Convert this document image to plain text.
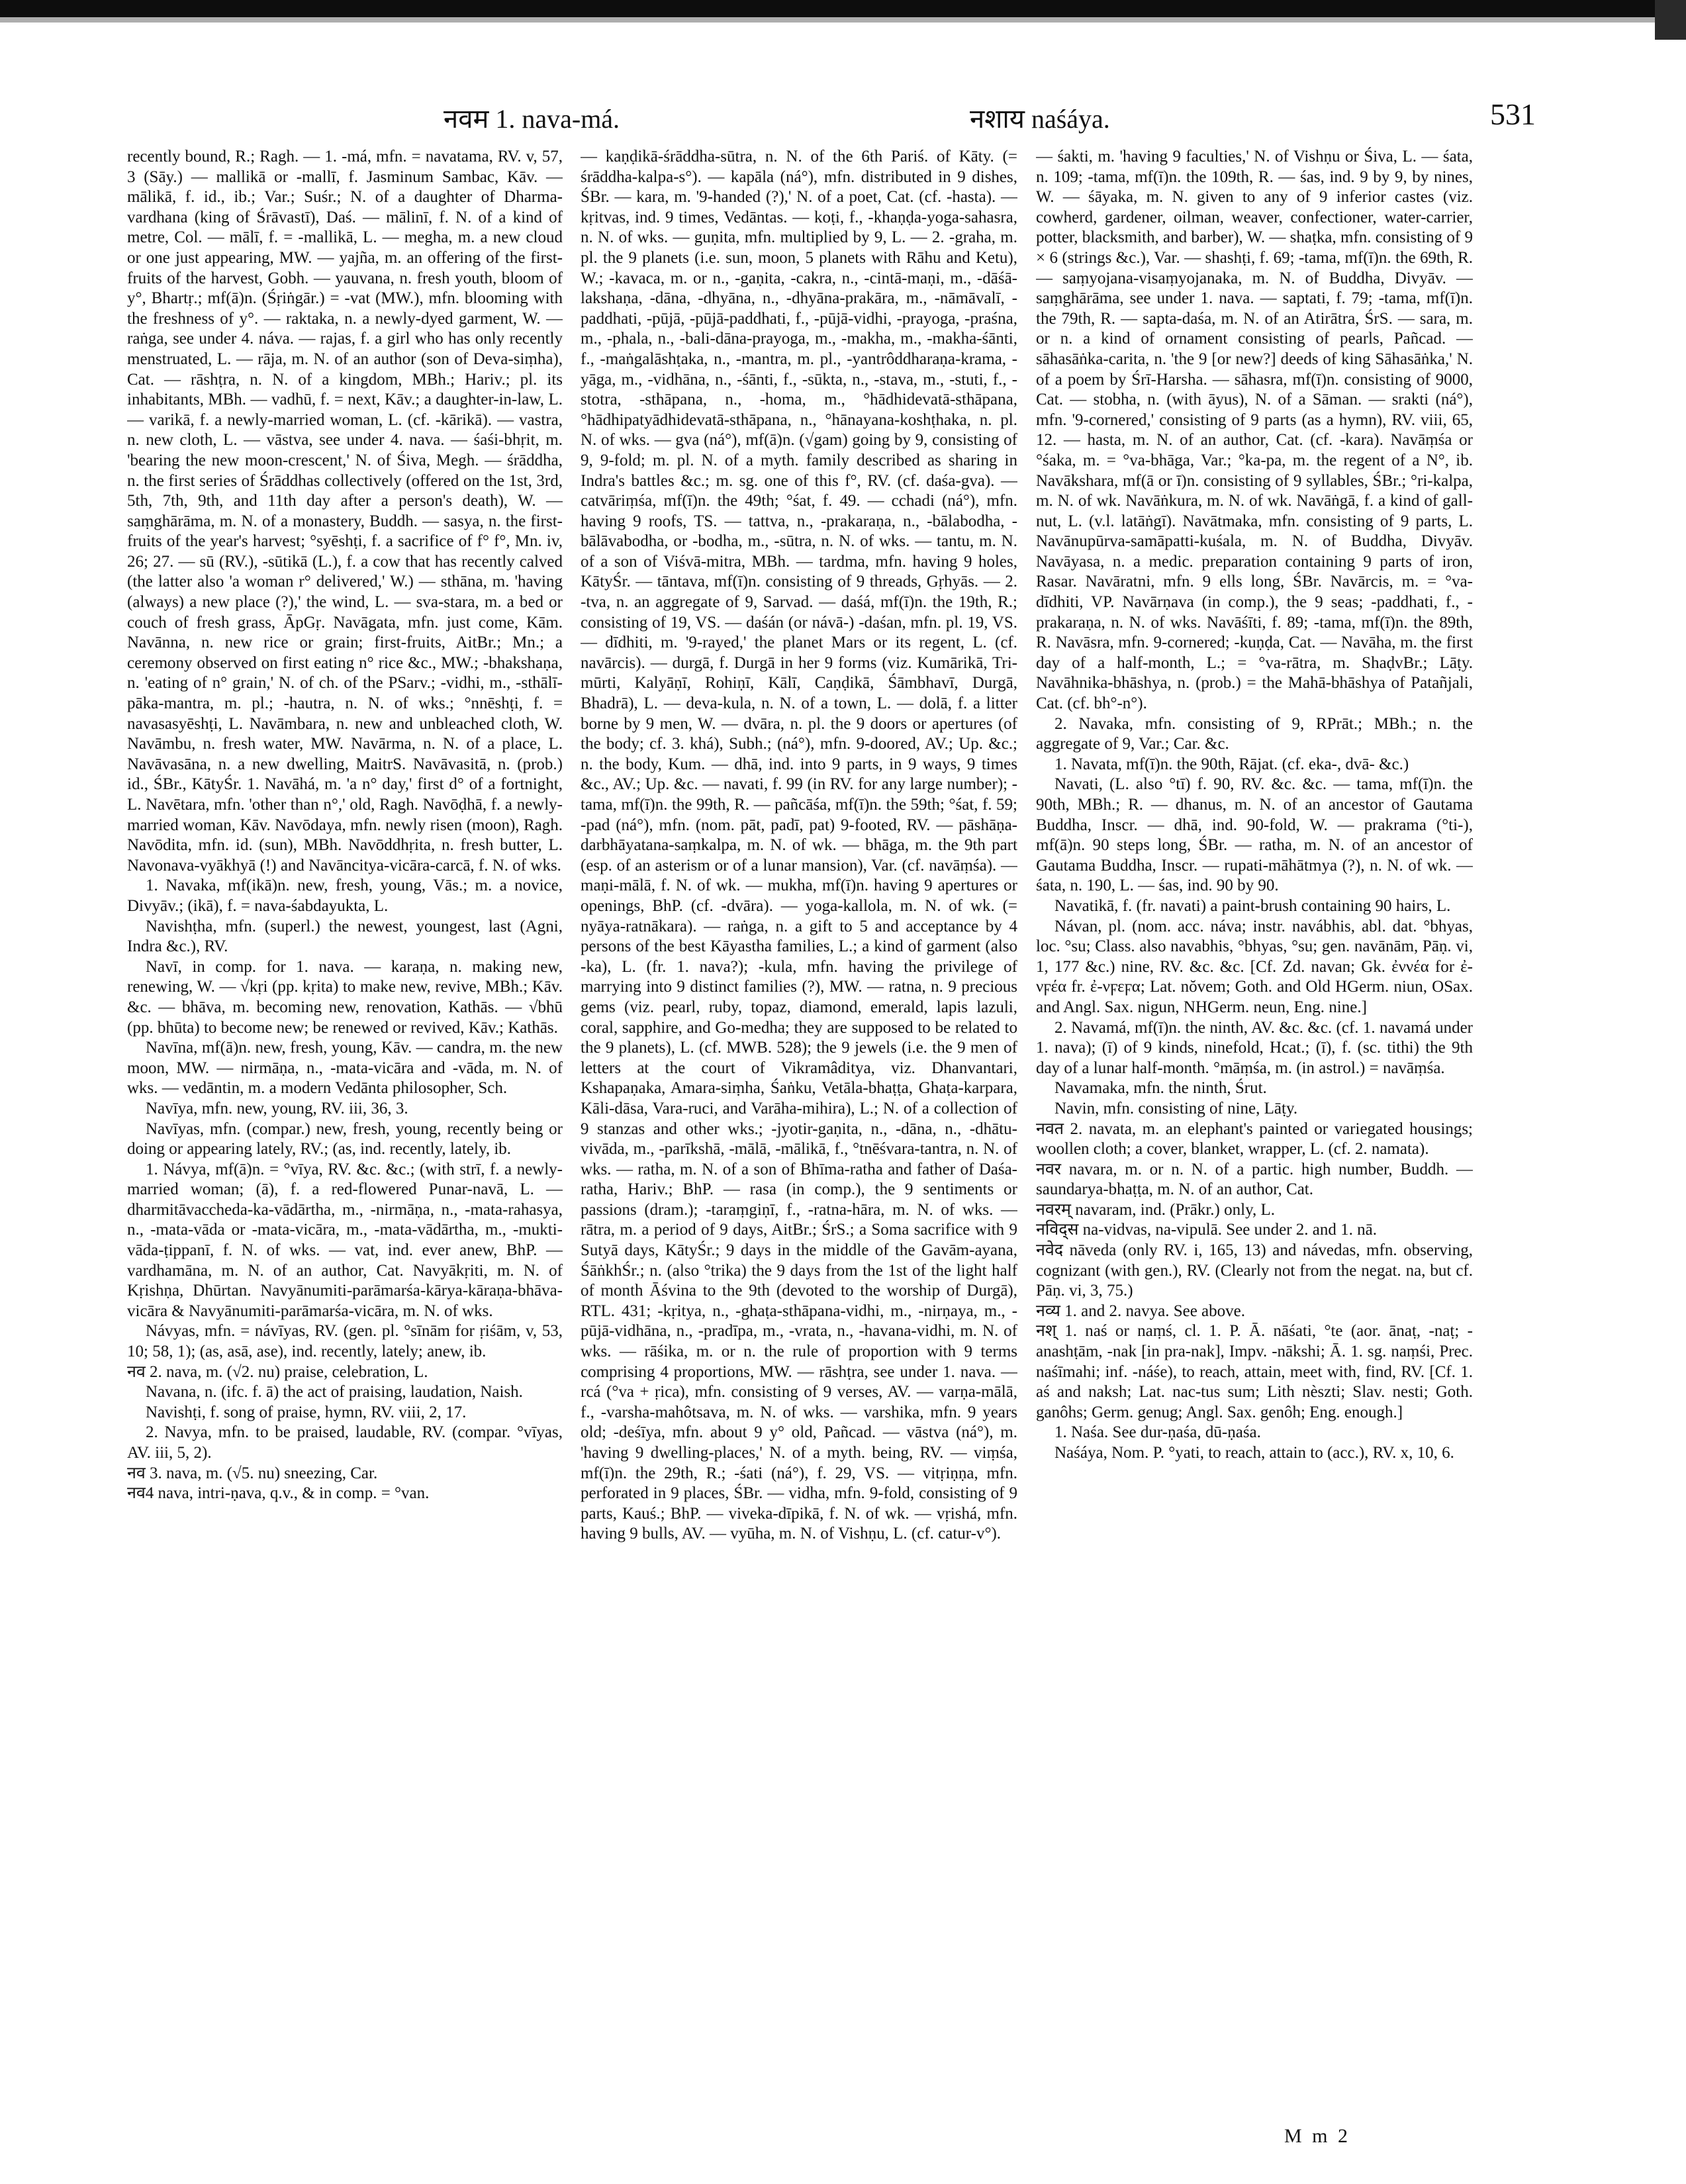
नवम 1. nava-má.	नशाय naśáya.	531

recently bound, R.; Ragh. — 1. -má, mfn. = navatama, RV. v, 57, 3 (Sāy.) — mallikā or -mallī, f. Jasminum Sambac, Kāv. — mālikā, f. id., ib.; Var.; Suśr.; N. of a daughter of Dharma-vardhana (king of Śrāvastī), Daś. — mālinī, f. N. of a kind of metre, Col. — mālī, f. = -mallikā, L. — megha, m. a new cloud or one just appearing, MW. — yajña, m. an offering of the first-fruits of the harvest, Gobh. — yauvana, n. fresh youth, bloom of y°, Bhartṛ.; mf(ā)n. (Śṛiṅgār.) = -vat (MW.), mfn. blooming with the freshness of y°. — raktaka, n. a newly-dyed garment, W. — raṅga, see under 4. náva. — rajas, f. a girl who has only recently menstruated, L. — rāja, m. N. of an author (son of Deva-siṃha), Cat. — rāshṭra, n. N. of a kingdom, MBh.; Hariv.; pl. its inhabitants, MBh. — vadhū, f. = next, Kāv.; a daughter-in-law, L. — varikā, f. a newly-married woman, L. (cf. -kārikā). — vastra, n. new cloth, L. — vāstva, see under 4. nava. — śaśi-bhṛit, m. 'bearing the new moon-crescent,' N. of Śiva, Megh. — śrāddha, n. the first series of Śrāddhas collectively (offered on the 1st, 3rd, 5th, 7th, 9th, and 11th day after a person's death), W. — saṃghārāma, m. N. of a monastery, Buddh. — sasya, n. the first-fruits of the year's harvest; °syēshṭi, f. a sacrifice of f° f°, Mn. iv, 26; 27. — sū (RV.), -sūtikā (L.), f. a cow that has recently calved (the latter also 'a woman r° delivered,' W.) — sthāna, m. 'having (always) a new place (?),' the wind, L. — sva-stara, m. a bed or couch of fresh grass, ĀpGṛ. Navāgata, mfn. just come, Kām. Navānna, n. new rice or grain; first-fruits, AitBr.; Mn.; a ceremony observed on first eating n° rice &c., MW.; -bhakshaṇa, n. 'eating of n° grain,' N. of ch. of the PSarv.; -vidhi, m., -sthālī-pāka-mantra, m. pl.; -hautra, n. N. of wks.; °nnēshṭi, f. = navasasyēshṭi, L. Navāmbara, n. new and unbleached cloth, W. Navāmbu, n. fresh water, MW. Navārma, n. N. of a place, L. Navāvasāna, n. a new dwelling, MaitrS. Navāvasitā, n. (prob.) id., ŚBr., KātyŚr. 1. Navāhá, m. 'a n° day,' first d° of a fortnight, L. Navētara, mfn. 'other than n°,' old, Ragh. Navōḍhā, f. a newly-married woman, Kāv. Navōdaya, mfn. newly risen (moon), Ragh. Navōdita, mfn. id. (sun), MBh. Navōddhṛita, n. fresh butter, L. Navonava-vyākhyā (!) and Navāncitya-vicāra-carcā, f. N. of wks.

1. Navaka, mf(ikā)n. new, fresh, young, Vās.; m. a novice, Divyāv.; (ikā), f. = nava-śabdayukta, L.

Navishṭha, mfn. (superl.) the newest, youngest, last (Agni, Indra &c.), RV.

Navī, in comp. for 1. nava. — karaṇa, n. making new, renewing, W. — √kṛi (pp. kṛita) to make new, revive, MBh.; Kāv. &c. — bhāva, m. becoming new, renovation, Kathās. — √bhū (pp. bhūta) to become new; be renewed or revived, Kāv.; Kathās.

Navīna, mf(ā)n. new, fresh, young, Kāv. — candra, m. the new moon, MW. — nirmāṇa, n., -mata-vicāra and -vāda, m. N. of wks. — vedāntin, m. a modern Vedānta philosopher, Sch.

Navīya, mfn. new, young, RV. iii, 36, 3.

Navīyas, mfn. (compar.) new, fresh, young, recently being or doing or appearing lately, RV.; (as, ind. recently, lately, ib.

1. Návya, mf(ā)n. = °vīya, RV. &c. &c.; (with strī, f. a newly-married woman; (ā), f. a red-flowered Punar-navā, L. — dharmitāvaccheda-ka-vādārtha, m., -nirmāṇa, n., -mata-rahasya, n., -mata-vāda or -mata-vicāra, m., -mata-vādārtha, m., -mukti-vāda-ṭippanī, f. N. of wks. — vat, ind. ever anew, BhP. — vardhamāna, m. N. of an author, Cat. Navyākṛiti, m. N. of Kṛishṇa, Dhūrtan. Navyānumiti-parāmarśa-kārya-kāraṇa-bhāva-vicāra & Navyānumiti-parāmarśa-vicāra, m. N. of wks.

Návyas, mfn. = návīyas, RV. (gen. pl. °sīnām for ṛiśām, v, 53, 10; 58, 1); (as, asā, ase), ind. recently, lately; anew, ib.

नव 2. nava, m. (√2. nu) praise, celebration, L.

Navana, n. (ifc. f. ā) the act of praising, laudation, Naish.

Navishṭi, f. song of praise, hymn, RV. viii, 2, 17.

2. Navya, mfn. to be praised, laudable, RV. (compar. °vīyas, AV. iii, 5, 2).

नव 3. nava, m. (√5. nu) sneezing, Car.

नव4 nava, intri-ṇava, q.v., & in comp. = °van.

— kaṇḍikā-śrāddha-sūtra, n. N. of the 6th Pariś. of Kāty. (= śrāddha-kalpa-s°). — kapāla (ná°), mfn. distributed in 9 dishes, ŚBr. — kara, m. '9-handed (?),' N. of a poet, Cat. (cf. -hasta). — kṛitvas, ind. 9 times, Vedāntas. — koṭi, f., -khaṇḍa-yoga-sahasra, n. N. of wks. — guṇita, mfn. multiplied by 9, L. — 2. -graha, m. pl. the 9 planets (i.e. sun, moon, 5 planets with Rāhu and Ketu), W.; -kavaca, m. or n., -gaṇita, -cakra, n., -cintā-maṇi, m., -dāśā-lakshaṇa, -dāna, -dhyāna, n., -dhyāna-prakāra, m., -nāmāvalī, -paddhati, -pūjā, -pūjā-paddhati, f., -pūjā-vidhi, -prayoga, -praśna, m., -phala, n., -bali-dāna-prayoga, m., -makha, m., -makha-śānti, f., -maṅgalāshṭaka, n., -mantra, m. pl., -yantrôddharaṇa-krama, -yāga, m., -vidhāna, n., -śānti, f., -sūkta, n., -stava, m., -stuti, f., -stotra, -sthāpana, n., -homa, m., °hādhidevatā-sthāpana, °hādhipatyādhidevatā-sthāpana, n., °hānayana-koshṭhaka, n. pl. N. of wks. — gva (ná°), mf(ā)n. (√gam) going by 9, consisting of 9, 9-fold; m. pl. N. of a myth. family described as sharing in Indra's battles &c.; m. sg. one of this f°, RV. (cf. daśa-gva). — catvāriṃśa, mf(ī)n. the 49th; °śat, f. 49. — cchadi (ná°), mfn. having 9 roofs, TS. — tattva, n., -prakaraṇa, n., -bālabodha, -bālāvabodha, or -bodha, m., -sūtra, n. N. of wks. — tantu, m. N. of a son of Viśvā-mitra, MBh. — tardma, mfn. having 9 holes, KātyŚr. — tāntava, mf(ī)n. consisting of 9 threads, Gṛhyās. — 2. -tva, n. an aggregate of 9, Sarvad. — daśá, mf(ī)n. the 19th, R.; consisting of 19, VS. — daśán (or návā-) -daśan, mfn. pl. 19, VS. — dīdhiti, m. '9-rayed,' the planet Mars or its regent, L. (cf. navārcis). — durgā, f. Durgā in her 9 forms (viz. Kumārikā, Tri-mūrti, Kalyāṇī, Rohiṇī, Kālī, Caṇḍikā, Śāmbhavī, Durgā, Bhadrā), L. — deva-kula, n. N. of a town, L. — dolā, f. a litter borne by 9 men, W. — dvāra, n. pl. the 9 doors or apertures (of the body; cf. 3. khá), Subh.; (ná°), mfn. 9-doored, AV.; Up. &c.; n. the body, Kum. — dhā, ind. into 9 parts, in 9 ways, 9 times &c., AV.; Up. &c. — navati, f. 99 (in RV. for any large number); -tama, mf(ī)n. the 99th, R. — pañcāśa, mf(ī)n. the 59th; °śat, f. 59; -pad (ná°), mfn. (nom. pāt, padī, pat) 9-footed, RV. — pāshāṇa-darbhāyatana-saṃkalpa, m. N. of wk. — bhāga, m. the 9th part (esp. of an asterism or of a lunar mansion), Var. (cf. navāṃśa). — maṇi-mālā, f. N. of wk. — mukha, mf(ī)n. having 9 apertures or openings, BhP. (cf. -dvāra). — yoga-kallola, m. N. of wk. (= nyāya-ratnākara). — raṅga, n. a gift to 5 and acceptance by 4 persons of the best Kāyastha families, L.; a kind of garment (also -ka), L. (fr. 1. nava?); -kula, mfn. having the privilege of marrying into 9 distinct families (?), MW. — ratna, n. 9 precious gems (viz. pearl, ruby, topaz, diamond, emerald, lapis lazuli, coral, sapphire, and Go-medha; they are supposed to be related to the 9 planets), L. (cf. MWB. 528); the 9 jewels (i.e. the 9 men of letters at the court of Vikramâditya, viz. Dhanvantari, Kshapaṇaka, Amara-siṃha, Śaṅku, Vetāla-bhaṭṭa, Ghaṭa-karpara, Kāli-dāsa, Vara-ruci, and Varāha-mihira), L.; N. of a collection of 9 stanzas and other wks.; -jyotir-gaṇita, n., -dāna, n., -dhātu-vivāda, m., -parīkshā, -mālā, -mālikā, f., °tnēśvara-tantra, n. N. of wks. — ratha, m. N. of a son of Bhīma-ratha and father of Daśa-ratha, Hariv.; BhP. — rasa (in comp.), the 9 sentiments or passions (dram.); -taraṃgiṇī, f., -ratna-hāra, m. N. of wks. — rātra, m. a period of 9 days, AitBr.; ŚrS.; a Soma sacrifice with 9 Sutyā days, KātyŚr.; 9 days in the middle of the Gavām-ayana, ŚāṅkhŚr.; n. (also °trika) the 9 days from the 1st of the light half of month Āśvina to the 9th (devoted to the worship of Durgā), RTL. 431; -kṛitya, n., -ghaṭa-sthāpana-vidhi, m., -nirṇaya, m., -pūjā-vidhāna, n., -pradīpa, m., -vrata, n., -havana-vidhi, m. N. of wks. — rāśika, m. or n. the rule of proportion with 9 terms comprising 4 proportions, MW. — rāshṭra, see under 1. nava. — rcá (°va + ṛica), mfn. consisting of 9 verses, AV. — varṇa-mālā, f., -varsha-mahôtsava, m. N. of wks. — varshika, mfn. 9 years old; -deśīya, mfn. about 9 y° old, Pañcad. — vāstva (ná°), m. 'having 9 dwelling-places,' N. of a myth. being, RV. — viṃśa, mf(ī)n. the 29th, R.; -śati (ná°), f. 29, VS. — vitṛiṇṇa, mfn. perforated in 9 places, ŚBr. — vidha, mfn. 9-fold, consisting of 9 parts, Kauś.; BhP. — viveka-dīpikā, f. N. of wk. — vṛishá, mfn. having 9 bulls, AV. — vyūha, m. N. of Vishṇu, L. (cf. catur-v°).

— śakti, m. 'having 9 faculties,' N. of Vishṇu or Śiva, L. — śata, n. 109; -tama, mf(ī)n. the 109th, R. — śas, ind. 9 by 9, by nines, W. — śāyaka, m. N. given to any of 9 inferior castes (viz. cowherd, gardener, oilman, weaver, confectioner, water-carrier, potter, blacksmith, and barber), W. — shaṭka, mfn. consisting of 9 × 6 (strings &c.), Var. — shashṭi, f. 69; -tama, mf(ī)n. the 69th, R. — saṃyojana-visaṃyojanaka, m. N. of Buddha, Divyāv. — saṃghārāma, see under 1. nava. — saptati, f. 79; -tama, mf(ī)n. the 79th, R. — sapta-daśa, m. N. of an Atirātra, ŚrS. — sara, m. or n. a kind of ornament consisting of pearls, Pañcad. — sāhasāṅka-carita, n. 'the 9 [or new?] deeds of king Sāhasāṅka,' N. of a poem by Śrī-Harsha. — sāhasra, mf(ī)n. consisting of 9000, Cat. — stobha, n. (with āyus), N. of a Sāman. — srakti (ná°), mfn. '9-cornered,' consisting of 9 parts (as a hymn), RV. viii, 65, 12. — hasta, m. N. of an author, Cat. (cf. -kara). Navāṃśa or °śaka, m. = °va-bhāga, Var.; °ka-pa, m. the regent of a N°, ib. Navākshara, mf(ā or ī)n. consisting of 9 syllables, ŚBr.; °ri-kalpa, m. N. of wk. Navāṅkura, m. N. of wk. Navāṅgā, f. a kind of gall-nut, L. (v.l. latāṅgī). Navātmaka, mfn. consisting of 9 parts, L. Navānupūrva-samāpatti-kuśala, m. N. of Buddha, Divyāv. Navāyasa, n. a medic. preparation containing 9 parts of iron, Rasar. Navāratni, mfn. 9 ells long, ŚBr. Navārcis, m. = °va-dīdhiti, VP. Navārṇava (in comp.), the 9 seas; -paddhati, f., -prakaraṇa, n. N. of wks. Navāśīti, f. 89; -tama, mf(ī)n. the 89th, R. Navāsra, mfn. 9-cornered; -kuṇḍa, Cat. — Navāha, m. the first day of a half-month, L.; = °va-rātra, m. ShaḍvBr.; Lāṭy. Navāhnika-bhāshya, n. (prob.) = the Mahā-bhāshya of Patañjali, Cat. (cf. bh°-n°).

2. Navaka, mfn. consisting of 9, RPrāt.; MBh.; n. the aggregate of 9, Var.; Car. &c.

1. Navata, mf(ī)n. the 90th, Rājat. (cf. eka-, dvā- &c.)

Navati, (L. also °tī) f. 90, RV. &c. &c. — tama, mf(ī)n. the 90th, MBh.; R. — dhanus, m. N. of an ancestor of Gautama Buddha, Inscr. — dhā, ind. 90-fold, W. — prakrama (°ti-), mf(ā)n. 90 steps long, ŚBr. — ratha, m. N. of an ancestor of Gautama Buddha, Inscr. — rupati-māhātmya (?), n. N. of wk. — śata, n. 190, L. — śas, ind. 90 by 90.

Navatikā, f. (fr. navati) a paint-brush containing 90 hairs, L.

Návan, pl. (nom. acc. náva; instr. navábhis, abl. dat. °bhyas, loc. °su; Class. also navabhis, °bhyas, °su; gen. navānām, Pāṇ. vi, 1, 177 &c.) nine, RV. &c. &c. [Cf. Zd. navan; Gk. ἐννέα for ἐ-νϝέα fr. ἐ-νϝεϝα; Lat. nŏvem; Goth. and Old HGerm. niun, OSax. and Angl. Sax. nigun, NHGerm. neun, Eng. nine.]

2. Navamá, mf(ī)n. the ninth, AV. &c. &c. (cf. 1. navamá under 1. nava); (ī) of 9 kinds, ninefold, Hcat.; (ī), f. (sc. tithi) the 9th day of a lunar half-month. °māṃśa, m. (in astrol.) = navāṃśa.

Navamaka, mfn. the ninth, Śrut.

Navin, mfn. consisting of nine, Lāṭy.

नवत 2. navata, m. an elephant's painted or variegated housings; woollen cloth; a cover, blanket, wrapper, L. (cf. 2. namata).

नवर navara, m. or n. N. of a partic. high number, Buddh. — saundarya-bhaṭṭa, m. N. of an author, Cat.

नवरम् navaram, ind. (Prākr.) only, L.

नविद्स na-vidvas, na-vipulā. See under 2. and 1. nā.

नवेद nāveda (only RV. i, 165, 13) and návedas, mfn. observing, cognizant (with gen.), RV. (Clearly not from the negat. na, but cf. Pāṇ. vi, 3, 75.)

नव्य 1. and 2. navya. See above.

नश् 1. naś or naṃś, cl. 1. P. Ā. nāśati, °te (aor. ānaṭ, -naṭ; -anashṭām, -nak [in pra-nak], Impv. -nākshi; Ā. 1. sg. naṃśi, Prec. naśīmahi; inf. -náśe), to reach, attain, meet with, find, RV. [Cf. 1. aś and naksh; Lat. nac-tus sum; Lith nèszti; Slav. nesti; Goth. ganôhs; Germ. genug; Angl. Sax. genôh; Eng. enough.]

1. Naśa. See dur-ṇaśa, dū-ṇaśa.

Naśáya, Nom. P. °yati, to reach, attain to (acc.), RV. x, 10, 6.

M m 2
